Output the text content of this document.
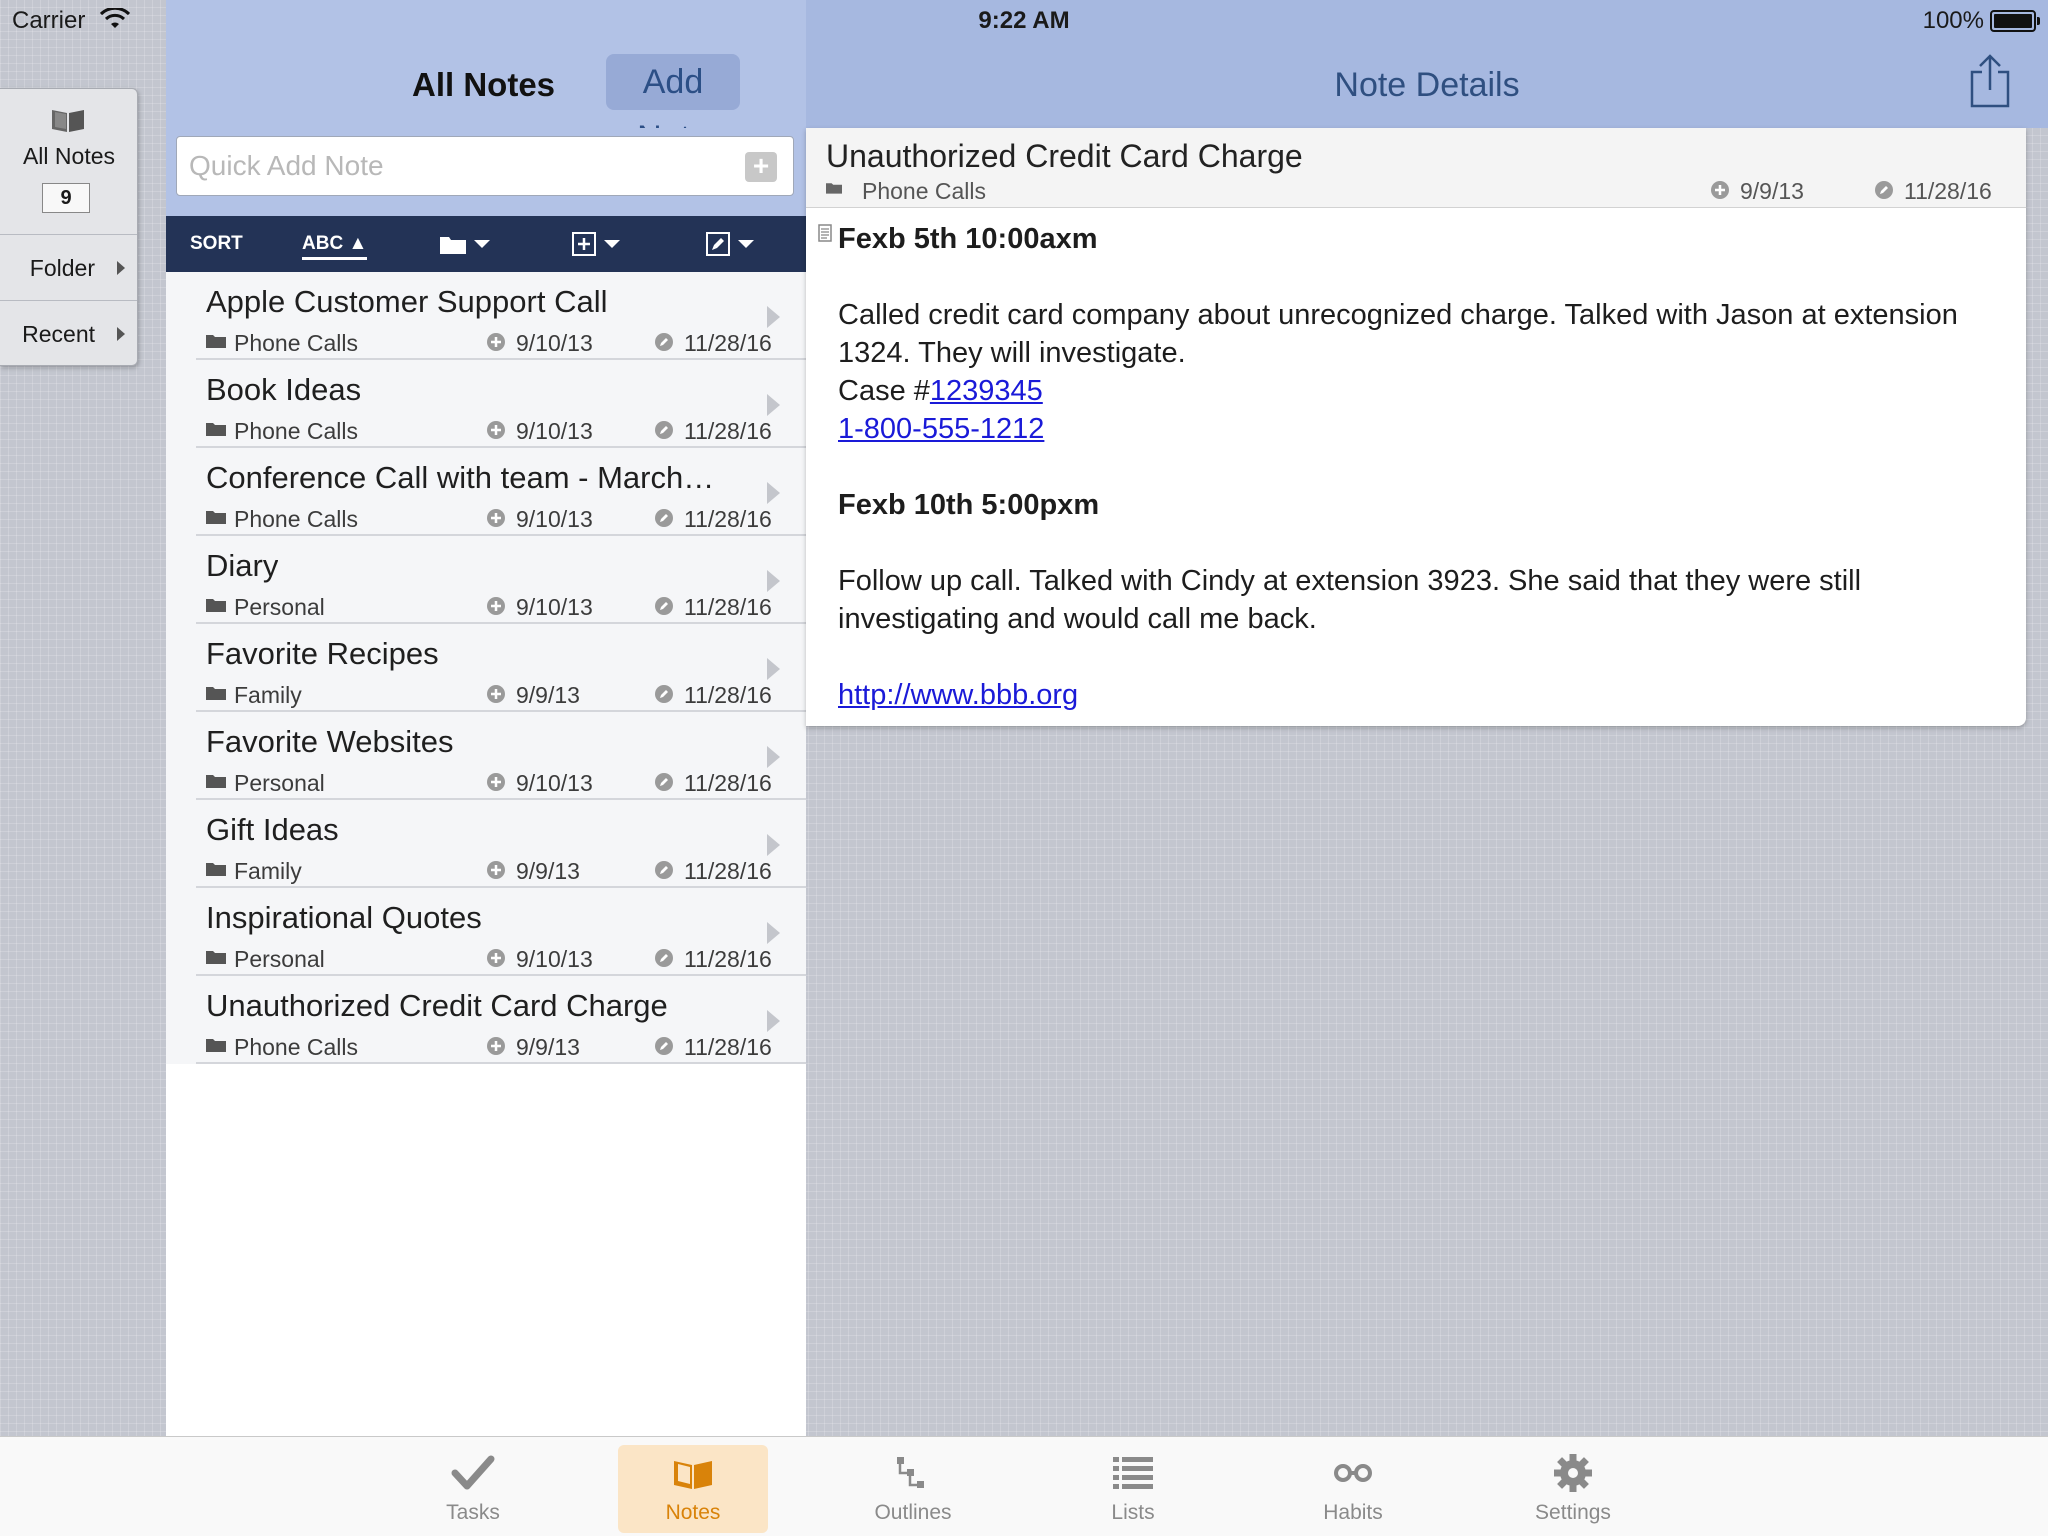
Carrier	9:22 AM	100%
All Notes
9
Folder
Recent
All Notes	Add
Quick Add Note
+
SORT	ABC ▲
Apple Customer Support Call
Phone Calls	9/10/13	11/28/16
Book Ideas
Phone Calls	9/10/13	11/28/16
Conference Call with team - March…
Phone Calls	9/10/13	11/28/16
Diary
Personal	9/10/13	11/28/16
Favorite Recipes
Family	9/9/13	11/28/16
Favorite Websites
Personal	9/10/13	11/28/16
Gift Ideas
Family	9/9/13	11/28/16
Inspirational Quotes
Personal	9/10/13	11/28/16
Unauthorized Credit Card Charge
Phone Calls	9/9/13	11/28/16
Note Details
Unauthorized Credit Card Charge
Phone Calls	9/9/13	11/28/16
Fexb 5th 10:00axm
Called credit card company about unrecognized charge. Talked with Jason at extension 1324. They will investigate.
Case #1239345
1-800-555-1212
Fexb 10th 5:00pxm
Follow up call. Talked with Cindy at extension 3923. She said that they were still investigating and would call me back.
http://www.bbb.org
Tasks	Notes	Outlines	Lists	Habits	Settings
